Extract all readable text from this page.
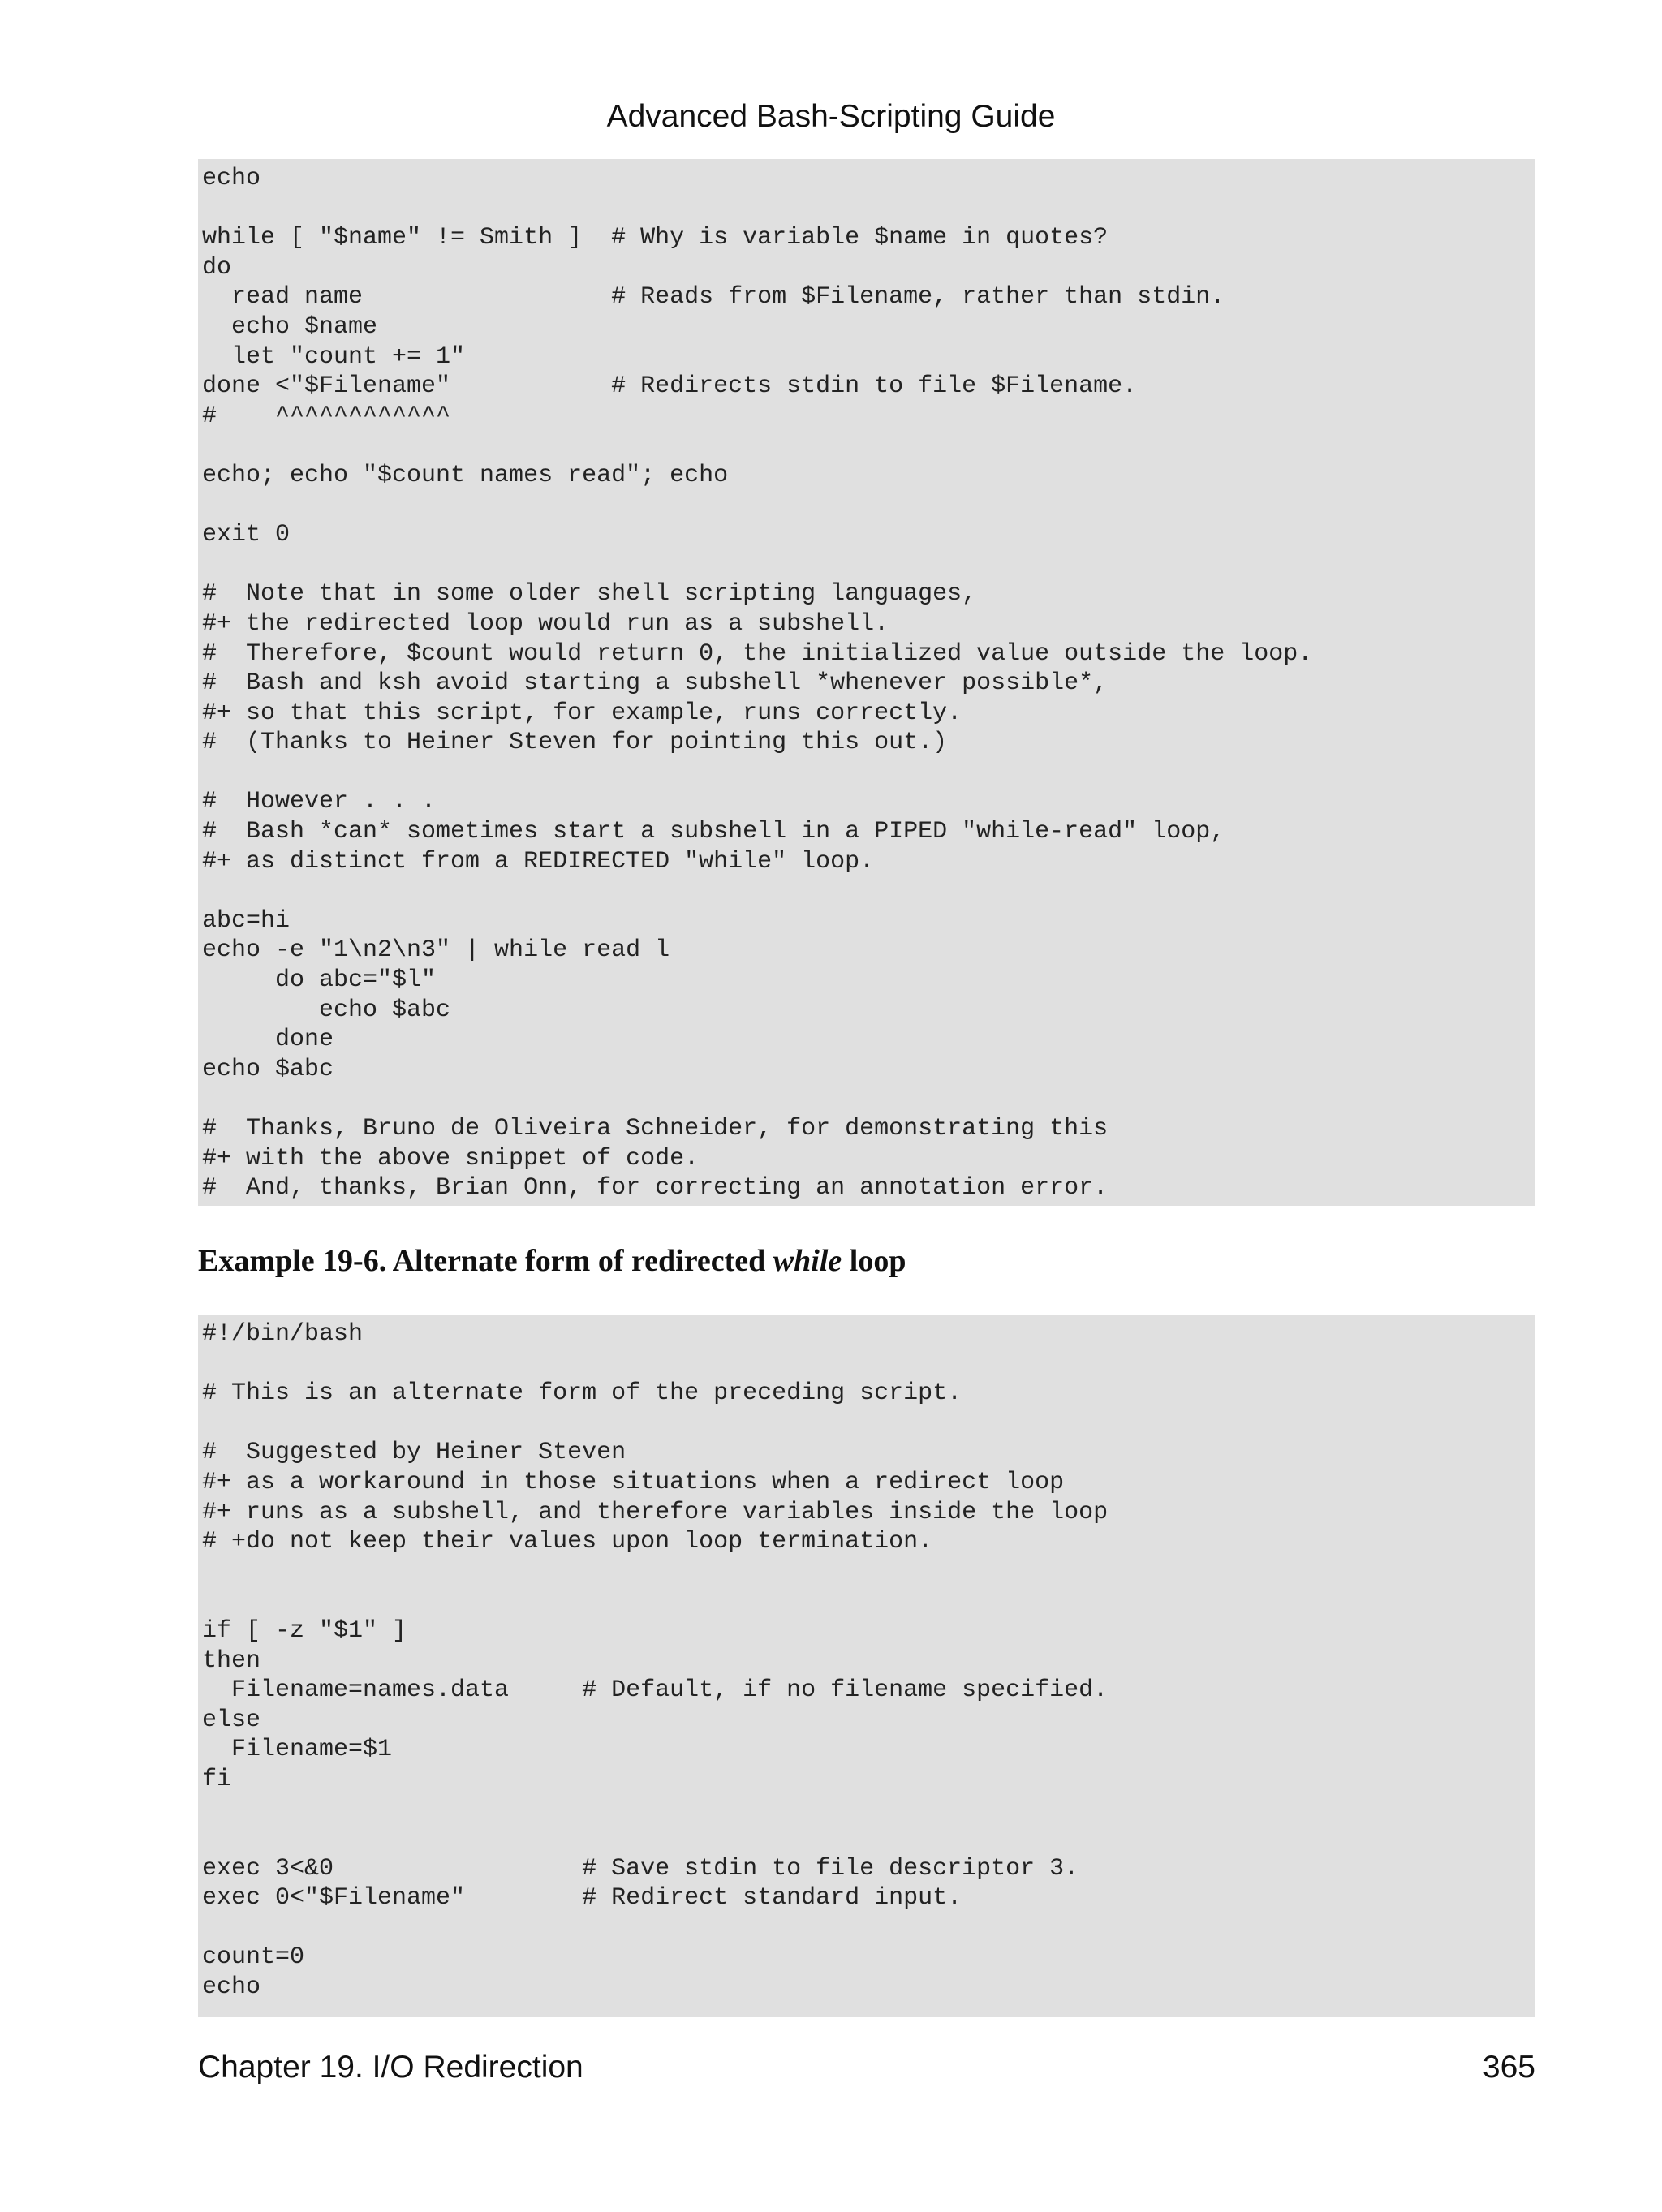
Advanced Bash-Scripting Guide
echo
while [ "$name" != Smith ]  # Why is variable $name in quotes?
do
read name                 # Reads from $Filename, rather than stdin.
echo $name
let "count += 1"
done <"$Filename"           # Redirects stdin to file $Filename.
#    ^^^^^^^^^^^^
echo; echo "$count names read"; echo
exit 0
#  Note that in some older shell scripting languages,
#+ the redirected loop would run as a subshell.
#  Therefore, $count would return 0, the initialized value outside the loop.
#  Bash and ksh avoid starting a subshell *whenever possible*,
#+ so that this script, for example, runs correctly.
#  (Thanks to Heiner Steven for pointing this out.)
#  However . . .
#  Bash *can* sometimes start a subshell in a PIPED "while-read" loop,
#+ as distinct from a REDIRECTED "while" loop.
abc=hi
echo -e "1\n2\n3" | while read l
do abc="$l"
echo $abc
done
echo $abc
#  Thanks, Bruno de Oliveira Schneider, for demonstrating this
#+ with the above snippet of code.
#  And, thanks, Brian Onn, for correcting an annotation error.
Example 19-6. Alternate form of redirected while loop
#!/bin/bash
# This is an alternate form of the preceding script.
#  Suggested by Heiner Steven
#+ as a workaround in those situations when a redirect loop
#+ runs as a subshell, and therefore variables inside the loop
# +do not keep their values upon loop termination.
if [ -z "$1" ]
then
Filename=names.data     # Default, if no filename specified.
else
Filename=$1
fi
exec 3<&0                 # Save stdin to file descriptor 3.
exec 0<"$Filename"        # Redirect standard input.
count=0
echo
Chapter 19. I/O Redirection	365
